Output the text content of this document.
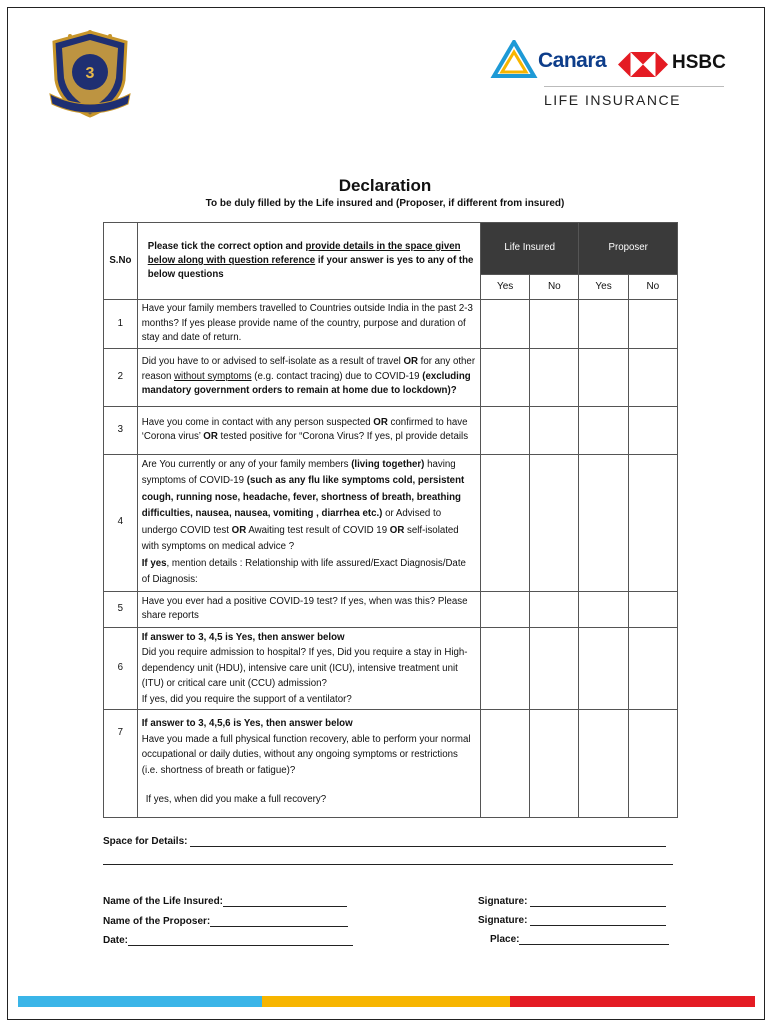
3
Canara	HSBC
LIFE INSURANCE
Declaration
To be duly filled by the Life insured and (Proposer, if different from insured)
S.No	Please tick the correct option and provide details in the space given below along with question reference if your answer is yes to any of the below questions	Life Insured		Proposer	
		Yes	No	Yes	No
1	Have your family members travelled to Countries outside India in the past 2-3 months? If yes please provide name of the country, purpose and duration of stay and date of return.				
2	Did you have to or advised to self-isolate as a result of travel OR for any other reason without symptoms (e.g. contact tracing) due to COVID-19 (excluding mandatory government orders to remain at home due to lockdown)?				
3	Have you come in contact with any person suspected OR confirmed to have ‘Corona virus’ OR tested positive for “Corona Virus? If yes, pl provide details				
4	Are You currently or any of your family members (living together) having symptoms of COVID-19 (such as any flu like symptoms cold, persistent cough, running nose, headache, fever, shortness of breath, breathing difficulties, nausea, nausea, vomiting , diarrhea etc.) or Advised to undergo COVID test OR Awaiting test result of COVID 19 OR self-isolated with symptoms on medical advice ?
If yes, mention details : Relationship with life assured/Exact Diagnosis/Date of Diagnosis:				
5	Have you ever had a positive COVID-19 test? If yes, when was this? Please share reports				
6	If answer to 3, 4,5 is Yes, then answer below
Did you require admission to hospital? If yes, Did you require a stay in High-dependency unit (HDU), intensive care unit (ICU), intensive treatment unit (ITU) or critical care unit (CCU) admission?
If yes, did you require the support of a ventilator?				
7	If answer to 3, 4,5,6 is Yes, then answer below
Have you made a full physical function recovery, able to perform your normal occupational or daily duties, without any ongoing symptoms or restrictions (i.e. shortness of breath or fatigue)?
If yes, when did you make a full recovery?				
Space for Details:
Name of the Life Insured:
Name of the Proposer:
Date:
Signature:
Signature:
Place:
